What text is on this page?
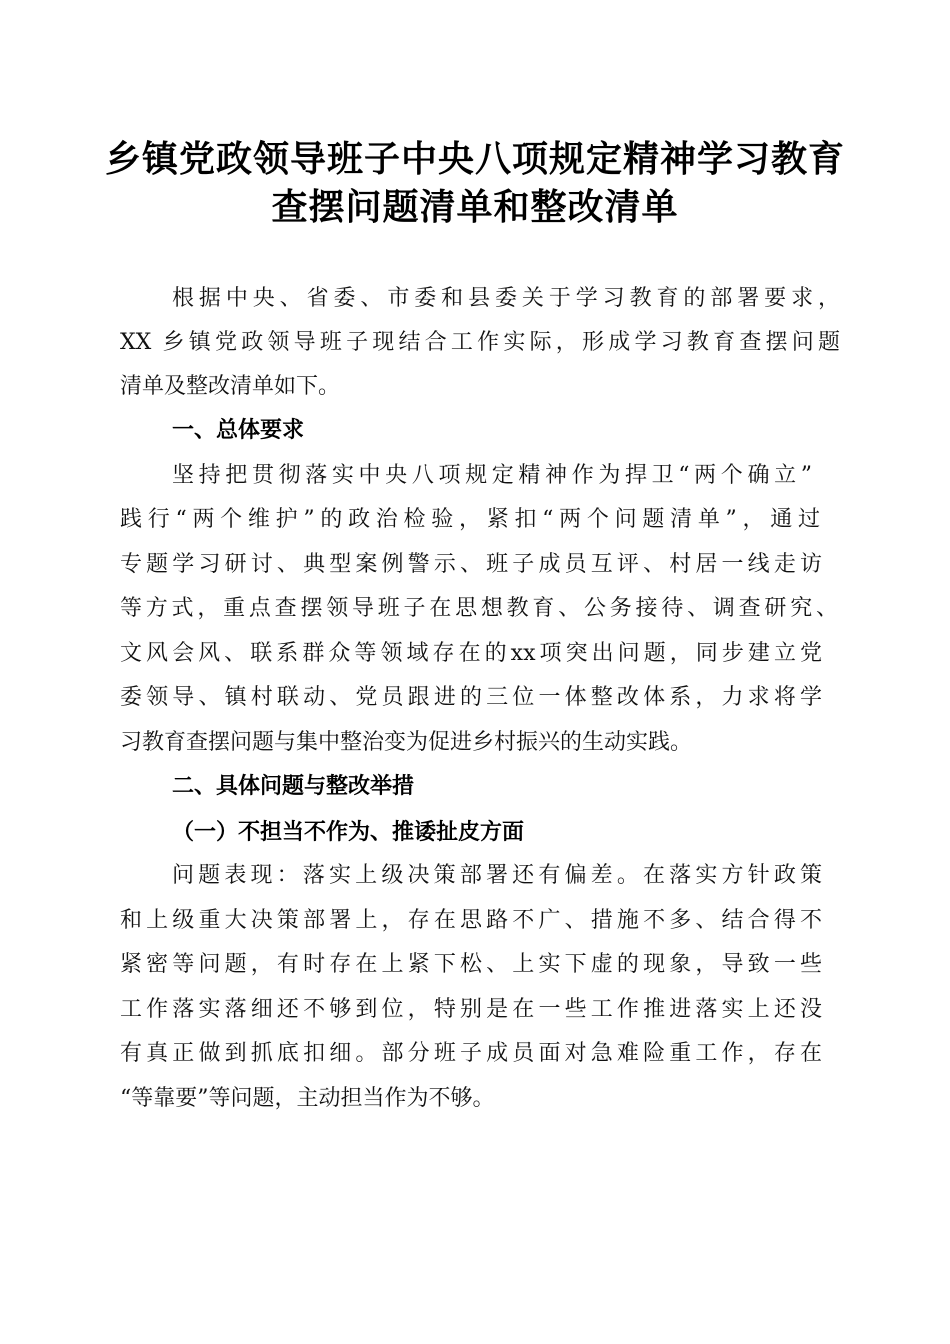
乡镇党政领导班子中央八项规定精神学习教育
查摆问题清单和整改清单

根据中央、省委、市委和县委关于学习教育的部署要求，

XX 乡镇党政领导班子现结合工作实际，形成学习教育查摆问题

清单及整改清单如下。

一、总体要求

坚持把贯彻落实中央八项规定精神作为捍卫“两个确立”

践行“两个维护”的政治检验，紧扣“两个问题清单”，通过

专题学习研讨、典型案例警示、班子成员互评、村居一线走访

等方式，重点查摆领导班子在思想教育、公务接待、调查研究、

文风会风、联系群众等领域存在的xx项突出问题，同步建立党

委领导、镇村联动、党员跟进的三位一体整改体系，力求将学

习教育查摆问题与集中整治变为促进乡村振兴的生动实践。

二、具体问题与整改举措

（一）不担当不作为、推诿扯皮方面

问题表现：落实上级决策部署还有偏差。在落实方针政策

和上级重大决策部署上，存在思路不广、措施不多、结合得不

紧密等问题，有时存在上紧下松、上实下虚的现象，导致一些

工作落实落细还不够到位，特别是在一些工作推进落实上还没

有真正做到抓底扣细。部分班子成员面对急难险重工作，存在

“等靠要”等问题，主动担当作为不够。
